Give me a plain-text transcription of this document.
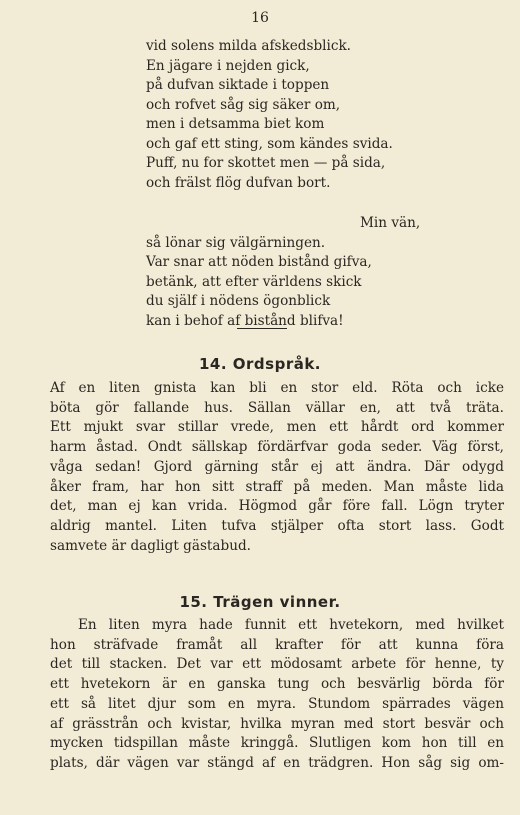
16
vid solens milda afskedsblick.
En jägare i nejden gick,
på dufvan siktade i toppen
och rofvet såg sig säker om,
men i detsamma biet kom
och gaf ett sting, som kändes svida.
Puff, nu for skottet men — på sida,
och frälst flög dufvan bort.
Min vän,
så lönar sig välgärningen.
Var snar att nöden bistånd gifva,
betänk, att efter världens skick
du själf i nödens ögonblick
kan i behof af bistånd blifva!
14. Ordspråk.
Af en liten gnista kan bli en stor eld. Röta och icke
böta gör fallande hus. Sällan vällar en, att två träta.
Ett mjukt svar stillar vrede, men ett hårdt ord kommer
harm åstad. Ondt sällskap fördärfvar goda seder. Väg först,
våga sedan! Gjord gärning står ej att ändra. Där odygd
åker fram, har hon sitt straff på meden. Man måste lida
det, man ej kan vrida. Högmod går före fall. Lögn tryter
aldrig mantel. Liten tufva stjälper ofta stort lass. Godt
samvete är dagligt gästabud.
15. Trägen vinner.
En liten myra hade funnit ett hvetekorn, med hvilket
hon sträfvade framåt all krafter för att kunna föra
det till stacken. Det var ett mödosamt arbete för henne, ty
ett hvetekorn är en ganska tung och besvärlig börda för
ett så litet djur som en myra. Stundom spärrades vägen
af grässtrån och kvistar, hvilka myran med stort besvär och
mycken tidspillan måste kringgå. Slutligen kom hon till en
plats, där vägen var stängd af en trädgren. Hon såg sig om-
